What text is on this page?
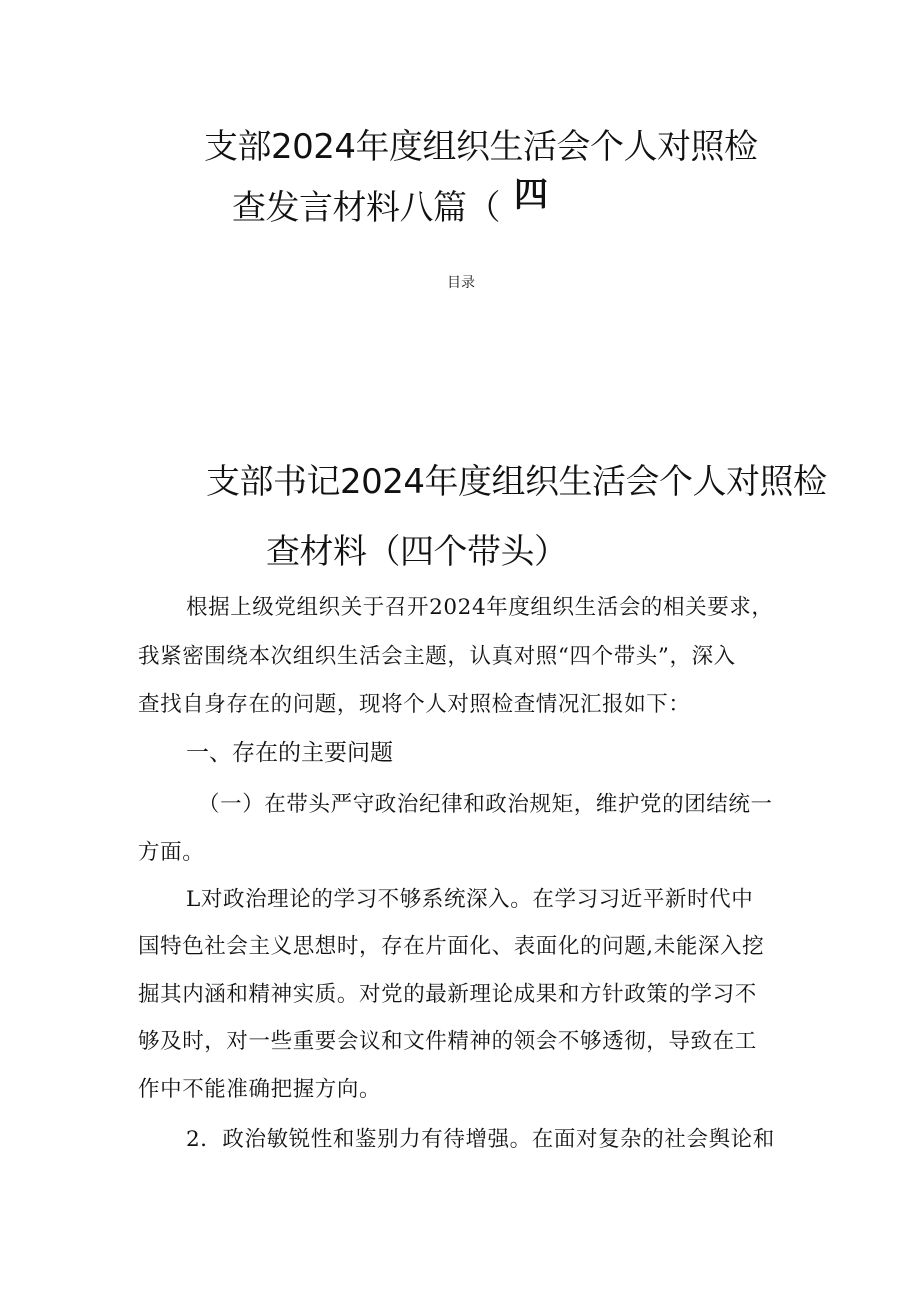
支部2024年度组织生活会个人对照检
查发言材料八篇（ 四
目录
支部书记2024年度组织生活会个人对照检
查材料（四个带头）
根据上级党组织关于召开2024年度组织生活会的相关要求，
我紧密围绕本次组织生活会主题，认真对照“四个带头”，深入
查找自身存在的问题，现将个人对照检查情况汇报如下：
一、存在的主要问题
（一）在带头严守政治纪律和政治规矩，维护党的团结统一
方面。
L对政治理论的学习不够系统深入。在学习习近平新时代中
国特色社会主义思想时，存在片面化、表面化的问题,未能深入挖
掘其内涵和精神实质。对党的最新理论成果和方针政策的学习不
够及时，对一些重要会议和文件精神的领会不够透彻，导致在工
作中不能准确把握方向。
2．政治敏锐性和鉴别力有待增强。在面对复杂的社会舆论和
